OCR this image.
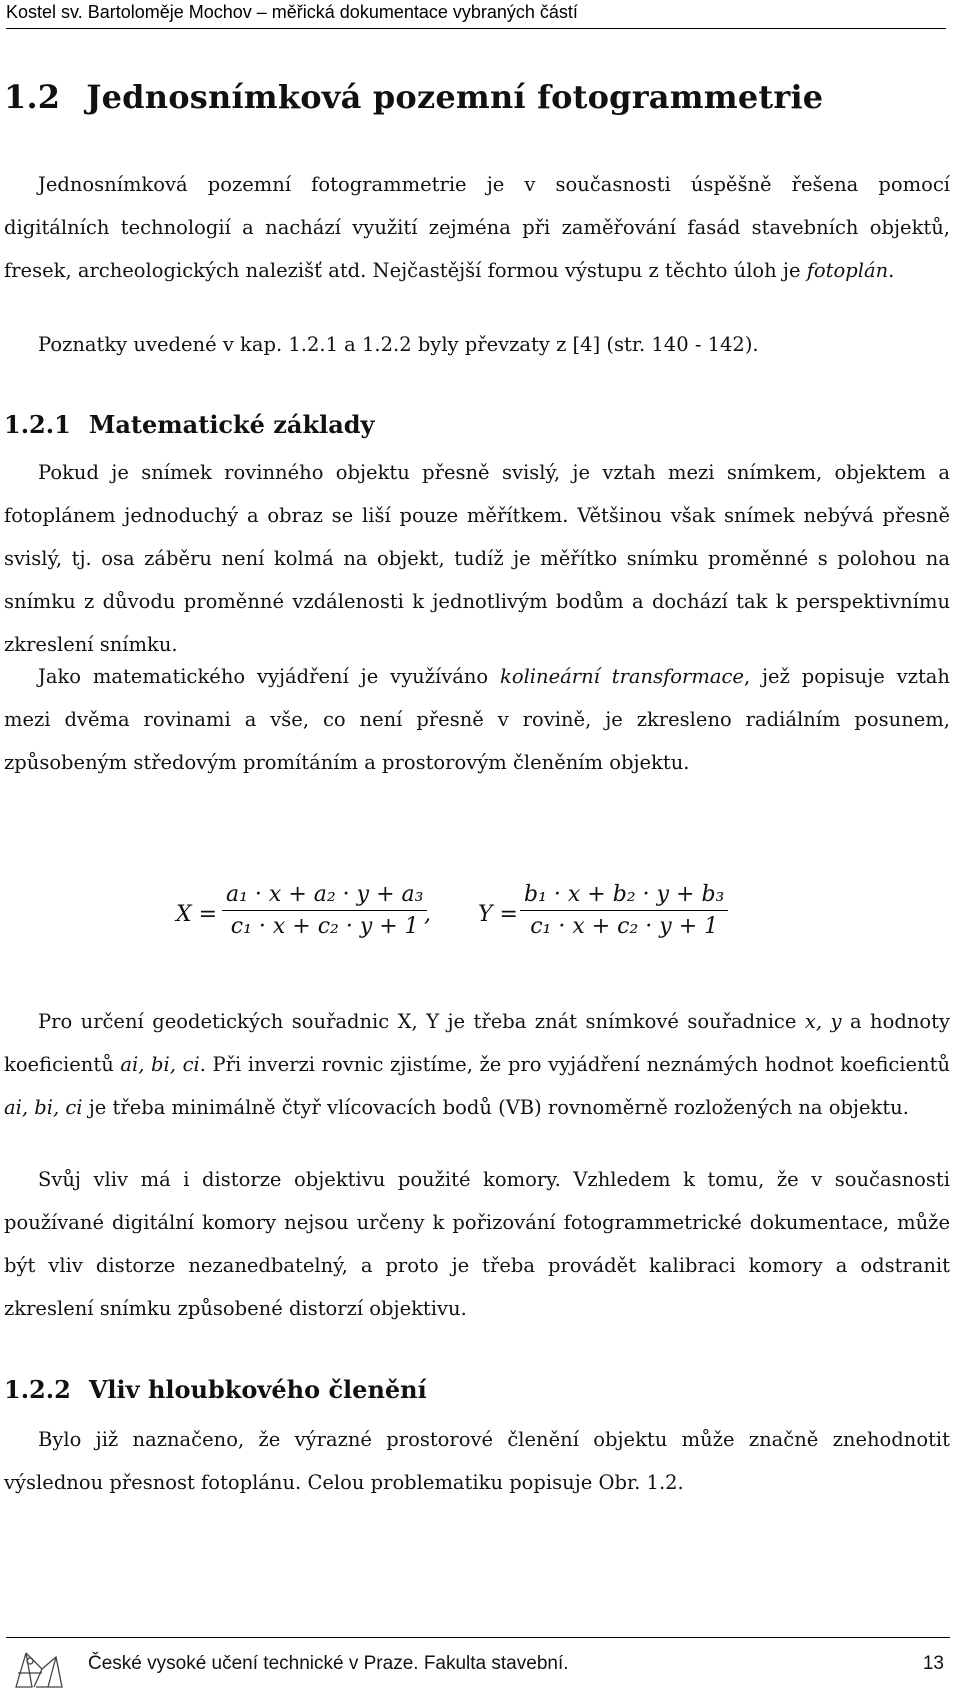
Kostel sv. Bartoloměje Mochov – měřická dokumentace vybraných částí
1.2 Jednosnímková pozemní fotogrammetrie

Jednosnímková pozemní fotogrammetrie je v současnosti úspěšně řešena pomocí digitálních technologií a nachází využití zejména při zaměřování fasád stavebních objektů, fresek, archeologických nalezišť atd. Nejčastější formou výstupu z těchto úloh je fotoplán.

Poznatky uvedené v kap. 1.2.1 a 1.2.2 byly převzaty z [4] (str. 140 - 142).

1.2.1 Matematické základy

Pokud je snímek rovinného objektu přesně svislý, je vztah mezi snímkem, objektem a fotoplánem jednoduchý a obraz se liší pouze měřítkem. Většinou však snímek nebývá přesně svislý, tj. osa záběru není kolmá na objekt, tudíž je měřítko snímku proměnné s polohou na snímku z důvodu proměnné vzdálenosti k jednotlivým bodům a dochází tak k perspektivnímu zkreslení snímku.

Jako matematického vyjádření je využíváno kolineární transformace, jež popisuje vztah mezi dvěma rovinami a vše, co není přesně v rovině, je zkresleno radiálním posunem, způsobeným středovým promítáním a prostorovým členěním objektu.

$X = \frac{\text{a₁ · x + a₂ · y + a₃}}{\text{c₁ · x + c₂ · y + 1}}$
, $Y = \frac{\text{b₁ · x + b₂ · y + b₃}}{\text{c₁ · x + c₂ · y + 1}}$

Pro určení geodetických souřadnic X, Y je třeba znát snímkové souřadnice x, y a hodnoty koeficientů ai, bi, ci. Při inverzi rovnic zjistíme, že pro vyjádření neznámých hodnot koeficientů ai, bi, ci je třeba minimálně čtyř vlícovacích bodů (VB) rovnoměrně rozložených na objektu.

Svůj vliv má i distorze objektivu použité komory. Vzhledem k tomu, že v současnosti používané digitální komory nejsou určeny k pořizování fotogrammetrické dokumentace, může být vliv distorze nezanedbatelný, a proto je třeba provádět kalibraci komory a odstranit zkreslení snímku způsobené distorzí objektivu.

1.2.2 Vliv hloubkového členění

Bylo již naznačeno, že výrazné prostorové členění objektu může značně znehodnotit výslednou přesnost fotoplánu. Celou problematiku popisuje Obr. 1.2.

České vysoké učení technické v Praze. Fakulta stavební.	13
